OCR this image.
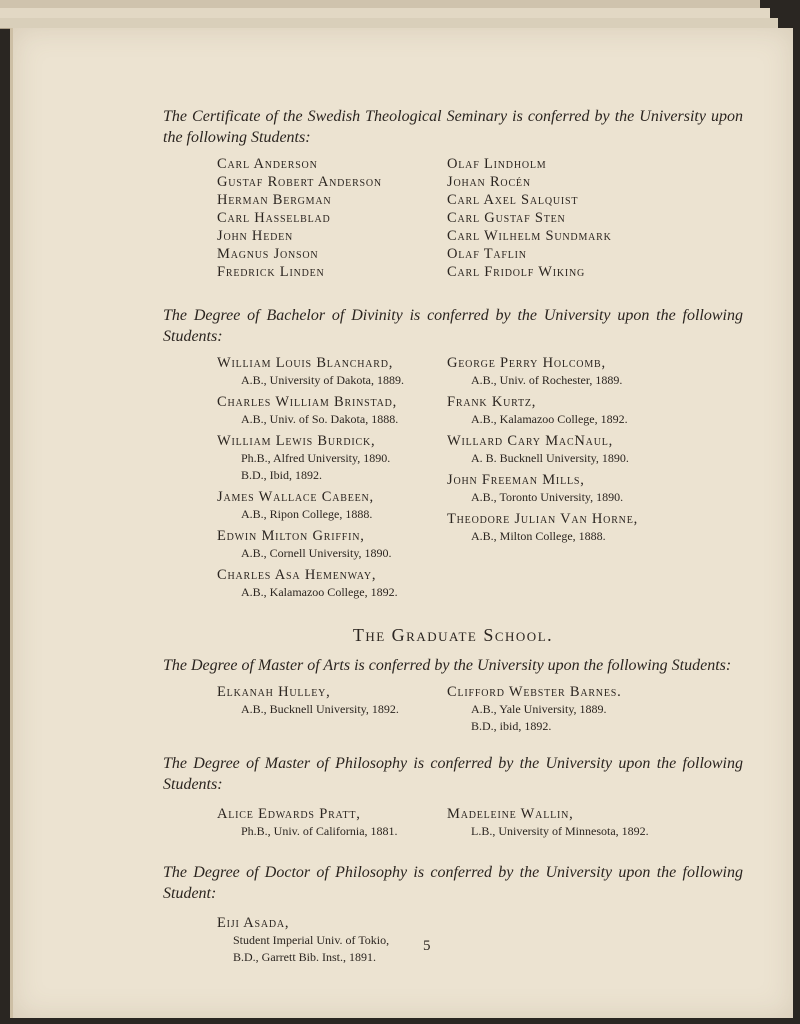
The Certificate of the Swedish Theological Seminary is conferred by the University upon the following Students:

Carl Anderson
Gustaf Robert Anderson
Herman Bergman
Carl Hasselblad
John Heden
Magnus Jonson
Fredrick Linden
Olaf Lindholm
Johan Rocén
Carl Axel Salquist
Carl Gustaf Sten
Carl Wilhelm Sundmark
Olaf Taflin
Carl Fridolf Wiking

The Degree of Bachelor of Divinity is conferred by the University upon the following Students:

William Louis Blanchard,
A.B., University of Dakota, 1889.
Charles William Brinstad,
A.B., Univ. of So. Dakota, 1888.
William Lewis Burdick,
Ph.B., Alfred University, 1890.
B.D., Ibid, 1892.
James Wallace Cabeen,
A.B., Ripon College, 1888.
Edwin Milton Griffin,
A.B., Cornell University, 1890.
Charles Asa Hemenway,
A.B., Kalamazoo College, 1892.
George Perry Holcomb,
A.B., Univ. of Rochester, 1889.
Frank Kurtz,
A.B., Kalamazoo College, 1892.
Willard Cary MacNaul,
A. B. Bucknell University, 1890.
John Freeman Mills,
A.B., Toronto University, 1890.
Theodore Julian Van Horne,
A.B., Milton College, 1888.

The Graduate School.

The Degree of Master of Arts is conferred by the University upon the following Students:

Elkanah Hulley,
A.B., Bucknell University, 1892.
Clifford Webster Barnes.
A.B., Yale University, 1889.
B.D., ibid, 1892.

The Degree of Master of Philosophy is conferred by the University upon the following Students:

Alice Edwards Pratt,
Ph.B., Univ. of California, 1881.
Madeleine Wallin,
L.B., University of Minnesota, 1892.

The Degree of Doctor of Philosophy is conferred by the University upon the following Student:

Eiji Asada,
Student Imperial Univ. of Tokio,
B.D., Garrett Bib. Inst., 1891.
5
